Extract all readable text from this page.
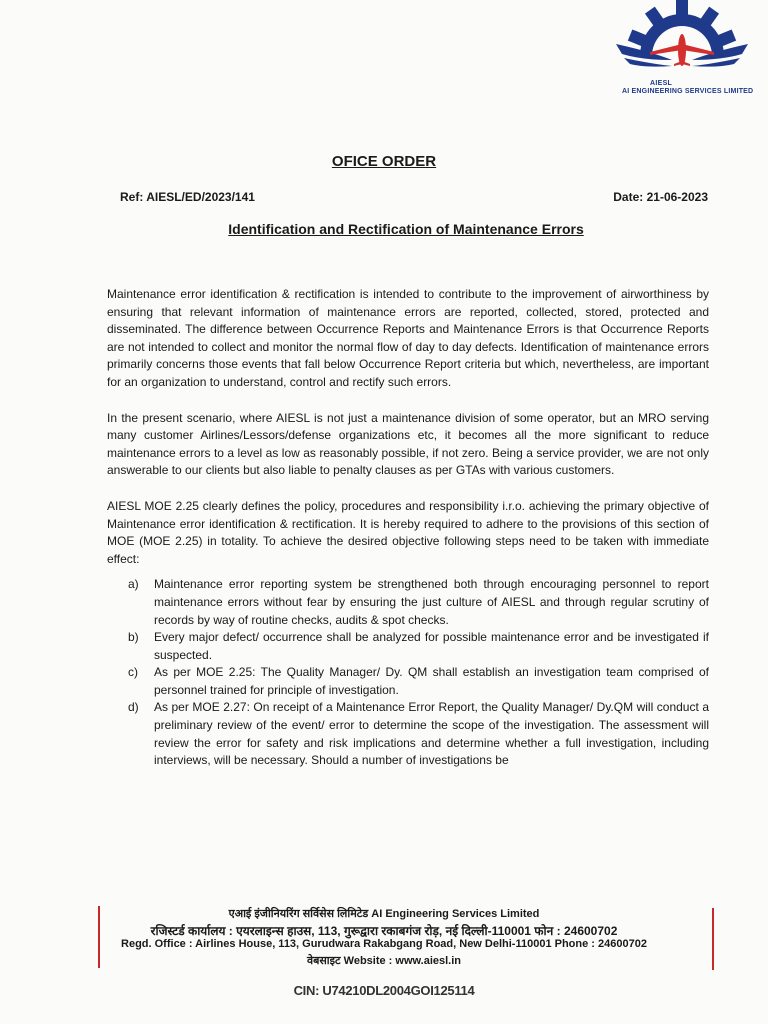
AIESL
AI ENGINEERING SERVICES LIMITED
OFICE ORDER
Ref: AIESL/ED/2023/141	Date: 21-06-2023
Identification and Rectification of Maintenance Errors

Maintenance error identification & rectification is intended to contribute to the improvement of airworthiness by ensuring that relevant information of maintenance errors are reported, collected, stored, protected and disseminated. The difference between Occurrence Reports and Maintenance Errors is that Occurrence Reports are not intended to collect and monitor the normal flow of day to day defects. Identification of maintenance errors primarily concerns those events that fall below Occurrence Report criteria but which, nevertheless, are important for an organization to understand, control and rectify such errors.

In the present scenario, where AIESL is not just a maintenance division of some operator, but an MRO serving many customer Airlines/Lessors/defense organizations etc, it becomes all the more significant to reduce maintenance errors to a level as low as reasonably possible, if not zero. Being a service provider, we are not only answerable to our clients but also liable to penalty clauses as per GTAs with various customers.

AIESL MOE 2.25 clearly defines the policy, procedures and responsibility i.r.o. achieving the primary objective of Maintenance error identification & rectification. It is hereby required to adhere to the provisions of this section of MOE (MOE 2.25) in totality. To achieve the desired objective following steps need to be taken with immediate effect:

a) Maintenance error reporting system be strengthened both through encouraging personnel to report maintenance errors without fear by ensuring the just culture of AIESL and through regular scrutiny of records by way of routine checks, audits & spot checks.
b) Every major defect/ occurrence shall be analyzed for possible maintenance error and be investigated if suspected.
c) As per MOE 2.25: The Quality Manager/ Dy. QM shall establish an investigation team comprised of personnel trained for principle of investigation.
d) As per MOE 2.27: On receipt of a Maintenance Error Report, the Quality Manager/ Dy.QM will conduct a preliminary review of the event/ error to determine the scope of the investigation. The assessment will review the error for safety and risk implications and determine whether a full investigation, including interviews, will be necessary. Should a number of investigations be
एआई इंजीनियरिंग सर्विसेस लिमिटेड AI Engineering Services Limited
रजिस्टर्ड कार्यालय : एयरलाइन्स हाउस, 113, गुरूद्वारा रकाबगंज रोड़, नई दिल्ली-110001 फोन : 24600702
Regd. Office : Airlines House, 113, Gurudwara Rakabgang Road, New Delhi-110001 Phone : 24600702
वेबसाइट Website : www.aiesl.in
CIN: U74210DL2004GOI125114
